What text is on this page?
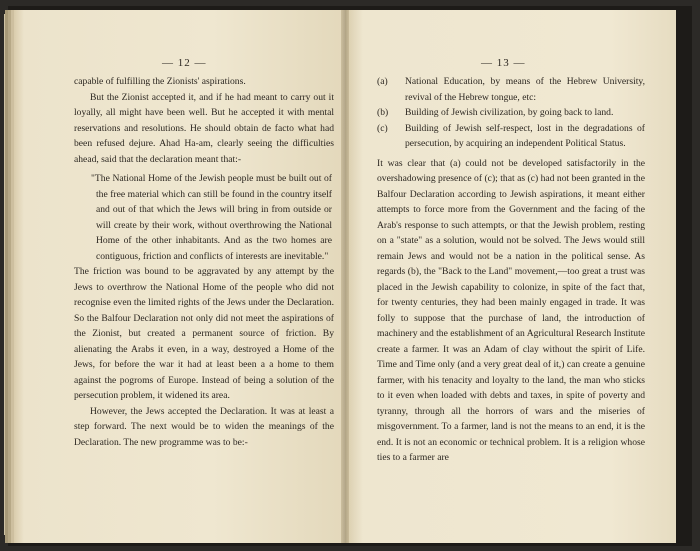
— 12 —

capable of fulfilling the Zionists' aspirations.

But the Zionist accepted it, and if he had meant to carry out it loyally, all might have been well. But he accepted it with mental reservations and resolutions. He should obtain de facto what had been refused dejure. Ahad Ha-am, clearly seeing the difficulties ahead, said that the declaration meant that:-

"The National Home of the Jewish people must be built out of the free material which can still be found in the country itself and out of that which the Jews will bring in from outside or will create by their work, without overthrowing the National Home of the other inhabitants. And as the two homes are contiguous, friction and conflicts of interests are inevitable."

The friction was bound to be aggravated by any attempt by the Jews to overthrow the National Home of the people who did not recognise even the limited rights of the Jews under the Declaration. So the Balfour Declaration not only did not meet the aspirations of the Zionist, but created a permanent source of friction. By alienating the Arabs it even, in a way, destroyed a Home of the Jews, for before the war it had at least been a a home to them against the pogroms of Europe. Instead of being a solution of the persecution problem, it widened its area.

However, the Jews accepted the Declaration. It was at least a step forward. The next would be to widen the meanings of the Declaration. The new programme was to be:-

— 13 —
(a) National Education, by means of the Hebrew University, revival of the Hebrew tongue, etc:
(b) Building of Jewish civilization, by going back to land.
(c) Building of Jewish self-respect, lost in the degradations of persecution, by acquiring an independent Political Status.

It was clear that (a) could not be developed satisfactorily in the overshadowing presence of (c); that as (c) had not been granted in the Balfour Declaration according to Jewish aspirations, it meant either attempts to force more from the Government and the facing of the Arab's response to such attempts, or that the Jewish problem, resting on a "state" as a solution, would not be solved. The Jews would still remain Jews and would not be a nation in the political sense. As regards (b), the "Back to the Land" movement,—too great a trust was placed in the Jewish capability to colonize, in spite of the fact that, for twenty centuries, they had been mainly engaged in trade. It was folly to suppose that the purchase of land, the introduction of machinery and the establishment of an Agricultural Research Institute create a farmer. It was an Adam of clay without the spirit of Life. Time and Time only (and a very great deal of it,) can create a genuine farmer, with his tenacity and loyalty to the land, the man who sticks to it even when loaded with debts and taxes, in spite of poverty and tyranny, through all the horrors of wars and the miseries of misgovernment. To a farmer, land is not the means to an end, it is the end. It is not an economic or technical problem. It is a religion whose ties to a farmer are
